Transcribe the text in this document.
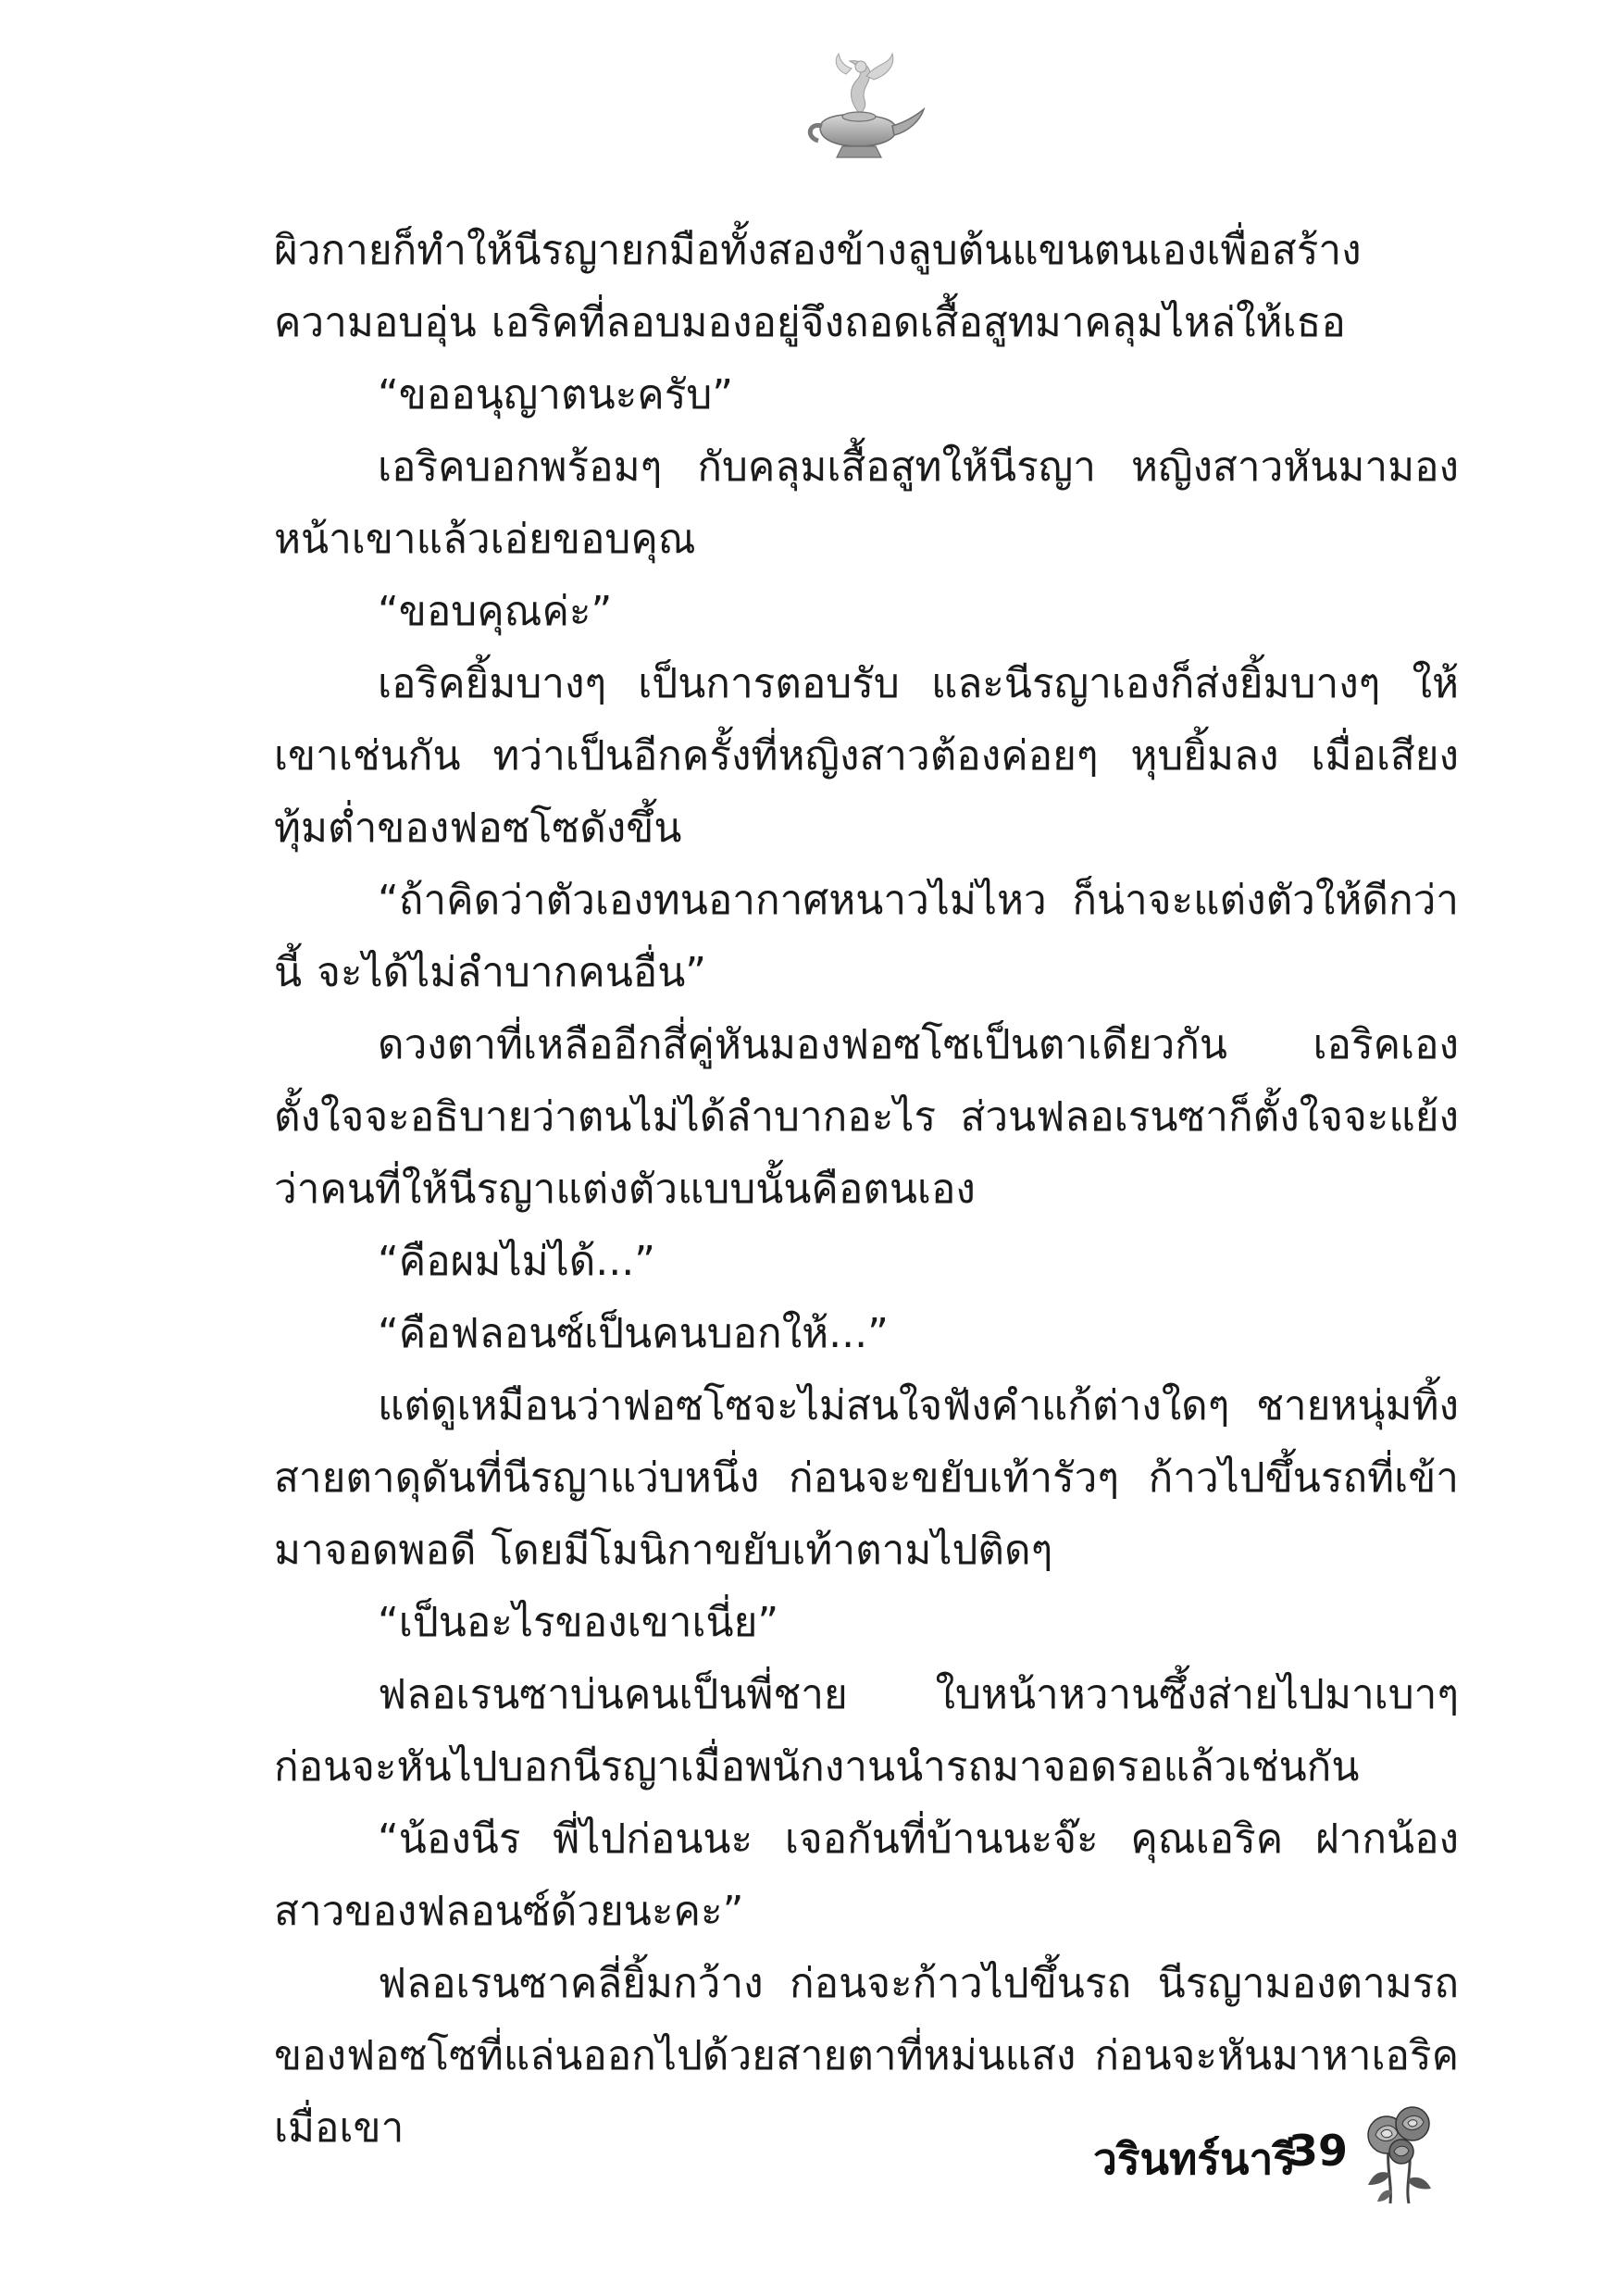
ผิวกายก็ทำให้นีรญายกมือทั้งสองข้างลูบต้นแขนตนเองเพื่อสร้างความอบอุ่น เอริคที่ลอบมองอยู่จึงถอดเสื้อสูทมาคลุมไหล่ให้เธอ

“ขออนุญาตนะครับ”

เอริคบอกพร้อมๆ กับคลุมเสื้อสูทให้นีรญา หญิงสาวหันมามองหน้าเขาแล้วเอ่ยขอบคุณ

“ขอบคุณค่ะ”

เอริคยิ้มบางๆ เป็นการตอบรับ และนีรญาเองก็ส่งยิ้มบางๆ ให้เขาเช่นกัน ทว่าเป็นอีกครั้งที่หญิงสาวต้องค่อยๆ หุบยิ้มลง เมื่อเสียงทุ้มต่ำของฟอซโซดังขึ้น

“ถ้าคิดว่าตัวเองทนอากาศหนาวไม่ไหว ก็น่าจะแต่งตัวให้ดีกว่านี้ จะได้ไม่ลำบากคนอื่น”

ดวงตาที่เหลืออีกสี่คู่หันมองฟอซโซเป็นตาเดียวกัน เอริคเองตั้งใจจะอธิบายว่าตนไม่ได้ลำบากอะไร ส่วนฟลอเรนซาก็ตั้งใจจะแย้งว่าคนที่ให้นีรญาแต่งตัวแบบนั้นคือตนเอง

“คือผมไม่ได้...”

“คือฟลอนซ์เป็นคนบอกให้...”

แต่ดูเหมือนว่าฟอซโซจะไม่สนใจฟังคำแก้ต่างใดๆ ชายหนุ่มทิ้งสายตาดุดันที่นีรญาแว่บหนึ่ง ก่อนจะขยับเท้ารัวๆ ก้าวไปขึ้นรถที่เข้ามาจอดพอดี โดยมีโมนิกาขยับเท้าตามไปติดๆ

“เป็นอะไรของเขาเนี่ย”

ฟลอเรนซาบ่นคนเป็นพี่ชาย ใบหน้าหวานซึ้งส่ายไปมาเบาๆ ก่อนจะหันไปบอกนีรญาเมื่อพนักงานนำรถมาจอดรอแล้วเช่นกัน

“น้องนีร พี่ไปก่อนนะ เจอกันที่บ้านนะจ๊ะ คุณเอริค ฝากน้องสาวของฟลอนซ์ด้วยนะคะ”

ฟลอเรนซาคลี่ยิ้มกว้าง ก่อนจะก้าวไปขึ้นรถ นีรญามองตามรถของฟอซโซที่แล่นออกไปด้วยสายตาที่หม่นแสง ก่อนจะหันมาหาเอริคเมื่อเขา

วรินทร์นารี
39
